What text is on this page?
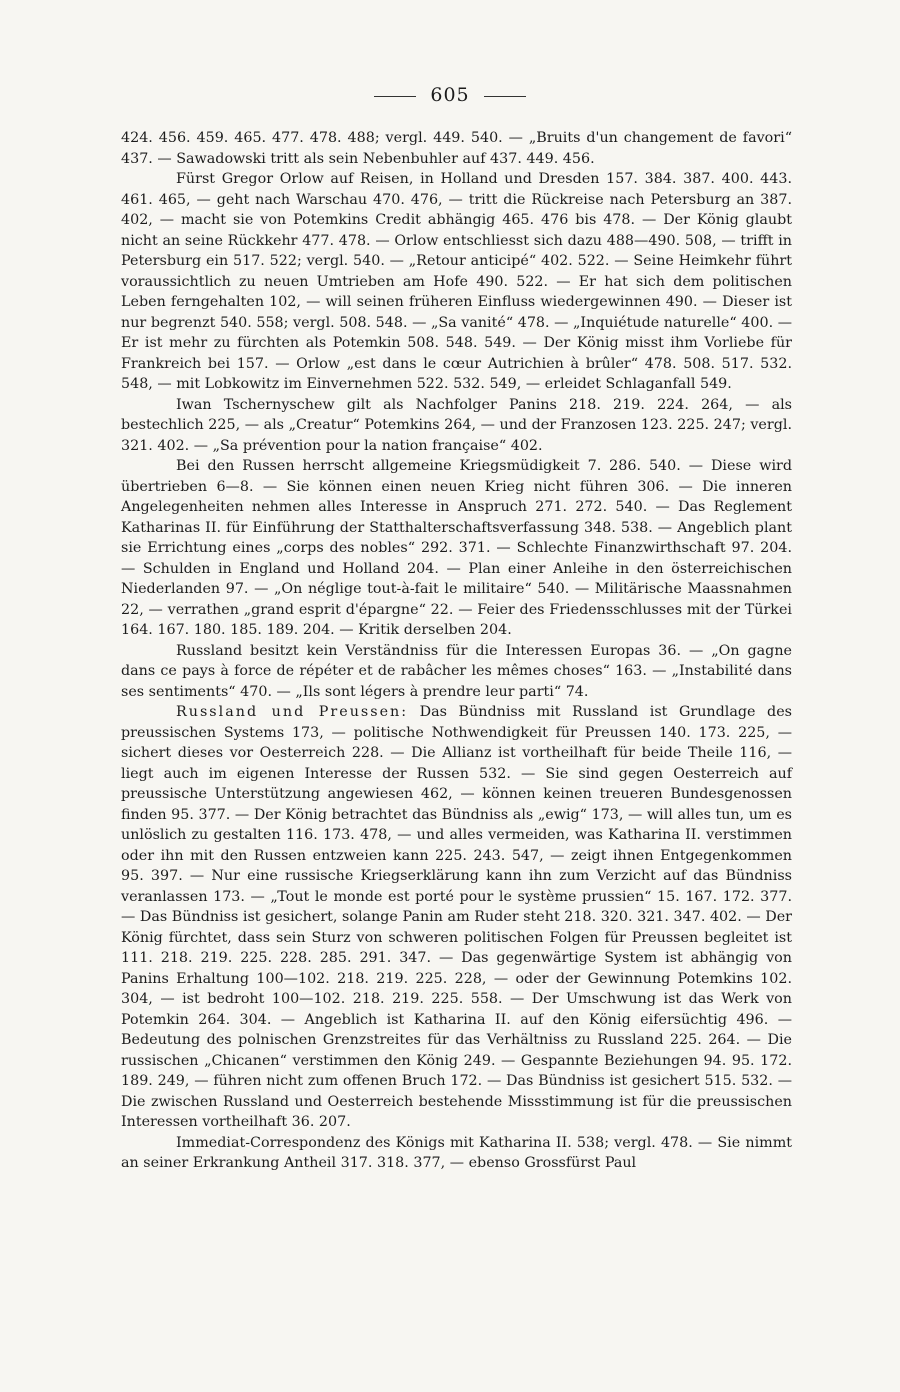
605

424. 456. 459. 465. 477. 478. 488; vergl. 449. 540. — „Bruits d'un changement de favori“ 437. — Sawadowski tritt als sein Nebenbuhler auf 437. 449. 456.

Fürst Gregor Orlow auf Reisen, in Holland und Dresden 157. 384. 387. 400. 443. 461. 465, — geht nach Warschau 470. 476, — tritt die Rückreise nach Petersburg an 387. 402, — macht sie von Potemkins Credit abhängig 465. 476 bis 478. — Der König glaubt nicht an seine Rückkehr 477. 478. — Orlow entschliesst sich dazu 488—490. 508, — trifft in Petersburg ein 517. 522; vergl. 540. — „Retour anticipé“ 402. 522. — Seine Heimkehr führt voraussichtlich zu neuen Umtrieben am Hofe 490. 522. — Er hat sich dem politischen Leben ferngehalten 102, — will seinen früheren Einfluss wiedergewinnen 490. — Dieser ist nur begrenzt 540. 558; vergl. 508. 548. — „Sa vanité“ 478. — „Inquiétude naturelle“ 400. — Er ist mehr zu fürchten als Potemkin 508. 548. 549. — Der König misst ihm Vorliebe für Frankreich bei 157. — Orlow „est dans le cœur Autrichien à brûler“ 478. 508. 517. 532. 548, — mit Lobkowitz im Einvernehmen 522. 532. 549, — erleidet Schlaganfall 549.

Iwan Tschernyschew gilt als Nachfolger Panins 218. 219. 224. 264, — als bestechlich 225, — als „Creatur“ Potemkins 264, — und der Franzosen 123. 225. 247; vergl. 321. 402. — „Sa prévention pour la nation française“ 402.

Bei den Russen herrscht allgemeine Kriegsmüdigkeit 7. 286. 540. — Diese wird übertrieben 6—8. — Sie können einen neuen Krieg nicht führen 306. — Die inneren Angelegenheiten nehmen alles Interesse in Anspruch 271. 272. 540. — Das Reglement Katharinas II. für Einführung der Statthalterschaftsverfassung 348. 538. — Angeblich plant sie Errichtung eines „corps des nobles“ 292. 371. — Schlechte Finanzwirthschaft 97. 204. — Schulden in England und Holland 204. — Plan einer Anleihe in den österreichischen Niederlanden 97. — „On néglige tout-à-fait le militaire“ 540. — Militärische Maassnahmen 22, — verrathen „grand esprit d'épargne“ 22. — Feier des Friedensschlusses mit der Türkei 164. 167. 180. 185. 189. 204. — Kritik derselben 204.

Russland besitzt kein Verständniss für die Interessen Europas 36. — „On gagne dans ce pays à force de répéter et de rabâcher les mêmes choses“ 163. — „Instabilité dans ses sentiments“ 470. — „Ils sont légers à prendre leur parti“ 74.

Russland und Preussen: Das Bündniss mit Russland ist Grundlage des preussischen Systems 173, — politische Nothwendigkeit für Preussen 140. 173. 225, — sichert dieses vor Oesterreich 228. — Die Allianz ist vortheilhaft für beide Theile 116, — liegt auch im eigenen Interesse der Russen 532. — Sie sind gegen Oesterreich auf preussische Unterstützung angewiesen 462, — können keinen treueren Bundesgenossen finden 95. 377. — Der König betrachtet das Bündniss als „ewig“ 173, — will alles tun, um es unlöslich zu gestalten 116. 173. 478, — und alles vermeiden, was Katharina II. verstimmen oder ihn mit den Russen entzweien kann 225. 243. 547, — zeigt ihnen Entgegenkommen 95. 397. — Nur eine russische Kriegserklärung kann ihn zum Verzicht auf das Bündniss veranlassen 173. — „Tout le monde est porté pour le système prussien“ 15. 167. 172. 377. — Das Bündniss ist gesichert, solange Panin am Ruder steht 218. 320. 321. 347. 402. — Der König fürchtet, dass sein Sturz von schweren politischen Folgen für Preussen begleitet ist 111. 218. 219. 225. 228. 285. 291. 347. — Das gegenwärtige System ist abhängig von Panins Erhaltung 100—102. 218. 219. 225. 228, — oder der Gewinnung Potemkins 102. 304, — ist bedroht 100—102. 218. 219. 225. 558. — Der Umschwung ist das Werk von Potemkin 264. 304. — Angeblich ist Katharina II. auf den König eifersüchtig 496. — Bedeutung des polnischen Grenzstreites für das Verhältniss zu Russland 225. 264. — Die russischen „Chicanen“ verstimmen den König 249. — Gespannte Beziehungen 94. 95. 172. 189. 249, — führen nicht zum offenen Bruch 172. — Das Bündniss ist gesichert 515. 532. — Die zwischen Russland und Oesterreich bestehende Missstimmung ist für die preussischen Interessen vortheilhaft 36. 207.

Immediat-Correspondenz des Königs mit Katharina II. 538; vergl. 478. — Sie nimmt an seiner Erkrankung Antheil 317. 318. 377, — ebenso Grossfürst Paul
